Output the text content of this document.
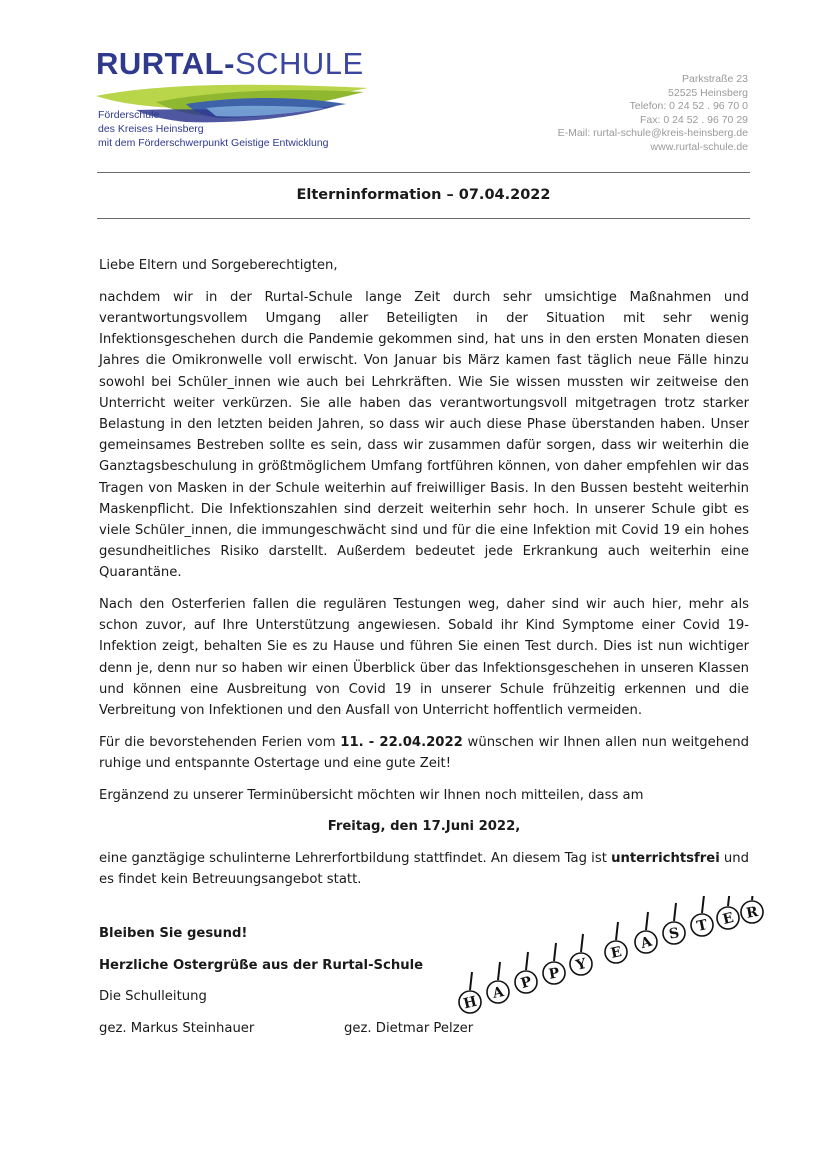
RURTAL-SCHULE
Förderschule
des Kreises Heinsberg
mit dem Förderschwerpunkt Geistige Entwicklung
Parkstraße 23
52525 Heinsberg
Telefon: 0 24 52 . 96 70 0
Fax: 0 24 52 . 96 70 29
E-Mail: rurtal-schule@kreis-heinsberg.de
www.rurtal-schule.de
Elterninformation – 07.04.2022

Liebe Eltern und Sorgeberechtigten,

nachdem wir in der Rurtal-Schule lange Zeit durch sehr umsichtige Maßnahmen und verantwortungsvollem Umgang aller Beteiligten in der Situation mit sehr wenig Infektionsgeschehen durch die Pandemie gekommen sind, hat uns in den ersten Monaten diesen Jahres die Omikronwelle voll erwischt. Von Januar bis März kamen fast täglich neue Fälle hinzu sowohl bei Schüler_innen wie auch bei Lehrkräften. Wie Sie wissen mussten wir zeitweise den Unterricht weiter verkürzen. Sie alle haben das verantwortungsvoll mitgetragen trotz starker Belastung in den letzten beiden Jahren, so dass wir auch diese Phase überstanden haben. Unser gemeinsames Bestreben sollte es sein, dass wir zusammen dafür sorgen, dass wir weiterhin die Ganztagsbeschulung in größtmöglichem Umfang fortführen können, von daher empfehlen wir das Tragen von Masken in der Schule weiterhin auf freiwilliger Basis. In den Bussen besteht weiterhin Maskenpflicht. Die Infektionszahlen sind derzeit weiterhin sehr hoch. In unserer Schule gibt es viele Schüler_innen, die immungeschwächt sind und für die eine Infektion mit Covid 19 ein hohes gesundheitliches Risiko darstellt. Außerdem bedeutet jede Erkrankung auch weiterhin eine Quarantäne.

Nach den Osterferien fallen die regulären Testungen weg, daher sind wir auch hier, mehr als schon zuvor, auf Ihre Unterstützung angewiesen. Sobald ihr Kind Symptome einer Covid 19-Infektion zeigt, behalten Sie es zu Hause und führen Sie einen Test durch. Dies ist nun wichtiger denn je, denn nur so haben wir einen Überblick über das Infektionsgeschehen in unseren Klassen und können eine Ausbreitung von Covid 19 in unserer Schule frühzeitig erkennen und die Verbreitung von Infektionen und den Ausfall von Unterricht hoffentlich vermeiden.

Für die bevorstehenden Ferien vom 11. - 22.04.2022 wünschen wir Ihnen allen nun weitgehend ruhige und entspannte Ostertage und eine gute Zeit!

Ergänzend zu unserer Terminübersicht möchten wir Ihnen noch mitteilen, dass am

Freitag, den 17.Juni 2022,

eine ganztägige schulinterne Lehrerfortbildung stattfindet. An diesem Tag ist unterrichtsfrei und es findet kein Betreuungsangebot statt.

Bleiben Sie gesund!

Herzliche Ostergrüße aus der Rurtal-Schule

Die Schulleitung

gez. Markus Steinhauer	gez. Dietmar Pelzer
H
A
P P
Y
E
A S T E R
